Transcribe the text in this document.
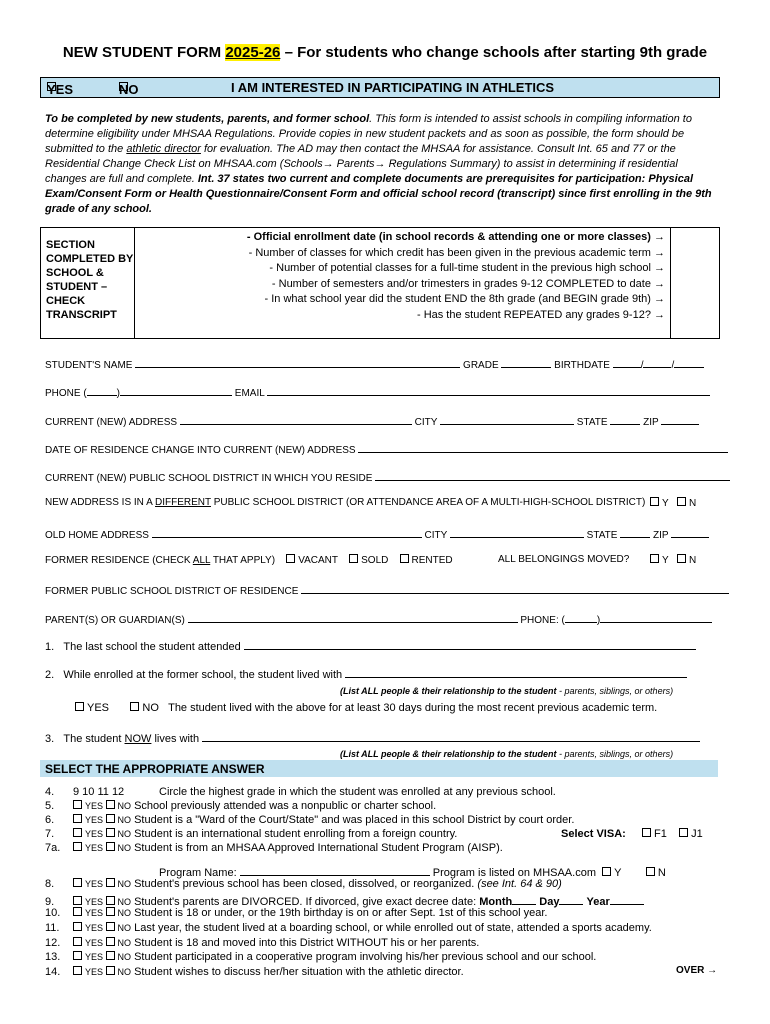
NEW STUDENT FORM 2025-26 – For students who change schools after starting 9th grade
YES	NO	I AM INTERESTED IN PARTICIPATING IN ATHLETICS
To be completed by new students, parents, and former school. This form is intended to assist schools in compiling information to determine eligibility under MHSAA Regulations. Provide copies in new student packets and as soon as possible, the form should be submitted to the athletic director for evaluation. The AD may then contact the MHSAA for assistance. Consult Int. 65 and 77 or the Residential Change Check List on MHSAA.com (Schools→ Parents→ Regulations Summary) to assist in determining if residential changes are full and complete. Int. 37 states two current and complete documents are prerequisites for participation: Physical Exam/Consent Form or Health Questionnaire/Consent Form and official school record (transcript) since first enrolling in the 9th grade of any school.
SECTION COMPLETED BY SCHOOL & STUDENT – CHECK TRANSCRIPT
- Official enrollment date (in school records & attending one or more classes) →
- Number of classes for which credit has been given in the previous academic term →
- Number of potential classes for a full-time student in the previous high school →
- Number of semesters and/or trimesters in grades 9-12 COMPLETED to date →
- In what school year did the student END the 8th grade (and BEGIN grade 9th) →
- Has the student REPEATED any grades 9-12? →
STUDENT'S NAME	GRADE	BIRTHDATE	/	/
PHONE (	)	EMAIL
CURRENT (NEW) ADDRESS	CITY	STATE	ZIP
DATE OF RESIDENCE CHANGE INTO CURRENT (NEW) ADDRESS
CURRENT (NEW) PUBLIC SCHOOL DISTRICT IN WHICH YOU RESIDE
NEW ADDRESS IS IN A DIFFERENT PUBLIC SCHOOL DISTRICT (OR ATTENDANCE AREA OF A MULTI-HIGH-SCHOOL DISTRICT)	Y N
OLD HOME ADDRESS	CITY	STATE	ZIP
FORMER RESIDENCE (CHECK ALL THAT APPLY) VACANT SOLD RENTED	ALL BELONGINGS MOVED?	Y N
FORMER PUBLIC SCHOOL DISTRICT OF RESIDENCE
PARENT(S) OR GUARDIAN(S)	PHONE: (	)
1. The last school the student attended
2. While enrolled at the former school, the student lived with
(List ALL people & their relationship to the student - parents, siblings, or others)
YES	NO The student lived with the above for at least 30 days during the most recent previous academic term.
3. The student NOW lives with
(List ALL people & their relationship to the student - parents, siblings, or others)
SELECT THE APPROPRIATE ANSWER
4. 9 10 11 12	Circle the highest grade in which the student was enrolled at any previous school.
5.	YES NO School previously attended was a nonpublic or charter school.
6.	YES NO Student is a "Ward of the Court/State" and was placed in this school District by court order.
7.	YES NO Student is an international student enrolling from a foreign country.
7a.	YES NO Student is from an MHSAA Approved International Student Program (AISP).
Select VISA:	F1 J1
Program Name:	Program is listed on MHSAA.com Y	N
8.	YES NO Student's previous school has been closed, dissolved, or reorganized. (see Int. 64 & 90)
9.	YES NO Student's parents are DIVORCED. If divorced, give exact decree date: Month Day Year
10.	YES NO Student is 18 or under, or the 19th birthday is on or after Sept. 1st of this school year.
11.	YES NO Last year, the student lived at a boarding school, or while enrolled out of state, attended a sports academy.
12.	YES NO Student is 18 and moved into this District WITHOUT his or her parents.
13.	YES NO Student participated in a cooperative program involving his/her previous school and our school.
14.	YES NO Student wishes to discuss her/her situation with the athletic director.	OVER →
